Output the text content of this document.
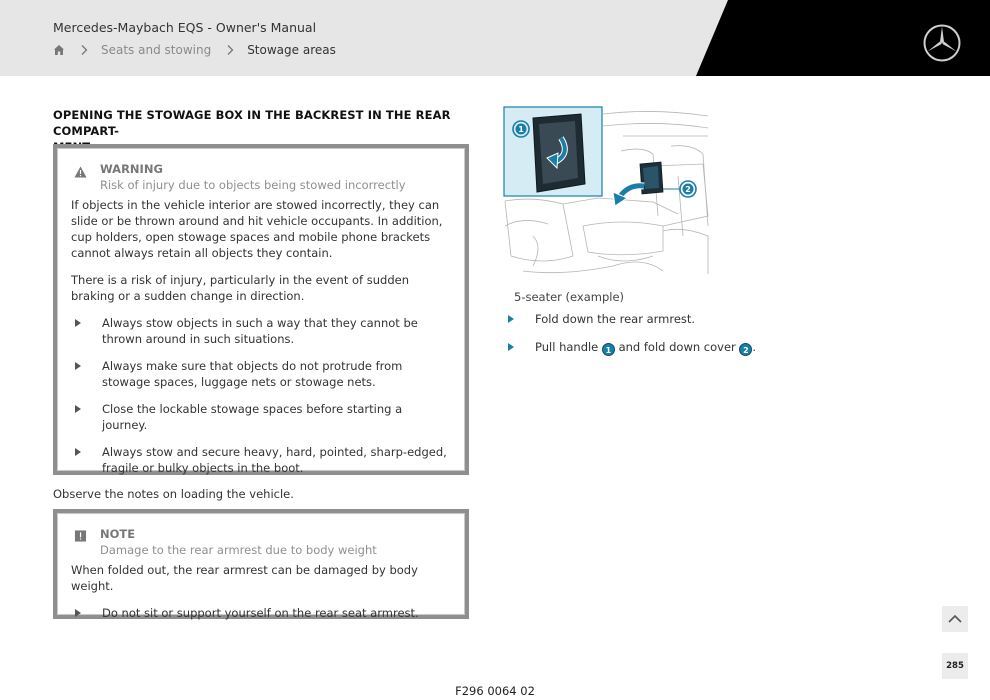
Mercedes-Maybach EQS - Owner's Manual
Seats and stowing	Stowage areas
OPENING THE STOWAGE BOX IN THE BACKREST IN THE REAR COMPART-
WARNING
Risk of injury due to objects being stowed incorrectly
If objects in the vehicle interior are stowed incorrectly, they can slide or be thrown around and hit vehicle occupants. In addition, cup holders, open stowage spaces and mobile phone brackets cannot always retain all objects they contain.
There is a risk of injury, particularly in the event of sudden braking or a sudden change in direction.
Always stow objects in such a way that they cannot be thrown around in such situations.
Always make sure that objects do not protrude from stowage spaces, luggage nets or stowage nets.
Close the lockable stowage spaces before starting a journey.
Always stow and secure heavy, hard, pointed, sharp-edged, fragile or bulky objects in the boot.
Observe the notes on loading the vehicle.
NOTE
Damage to the rear armrest due to body weight
When folded out, the rear armrest can be damaged by body weight.
Do not sit or support yourself on the rear seat armrest.
1
2
5-seater (example)
Fold down the rear armrest.
Pull handle 1 and fold down cover 2 .
285
F296 0064 02
